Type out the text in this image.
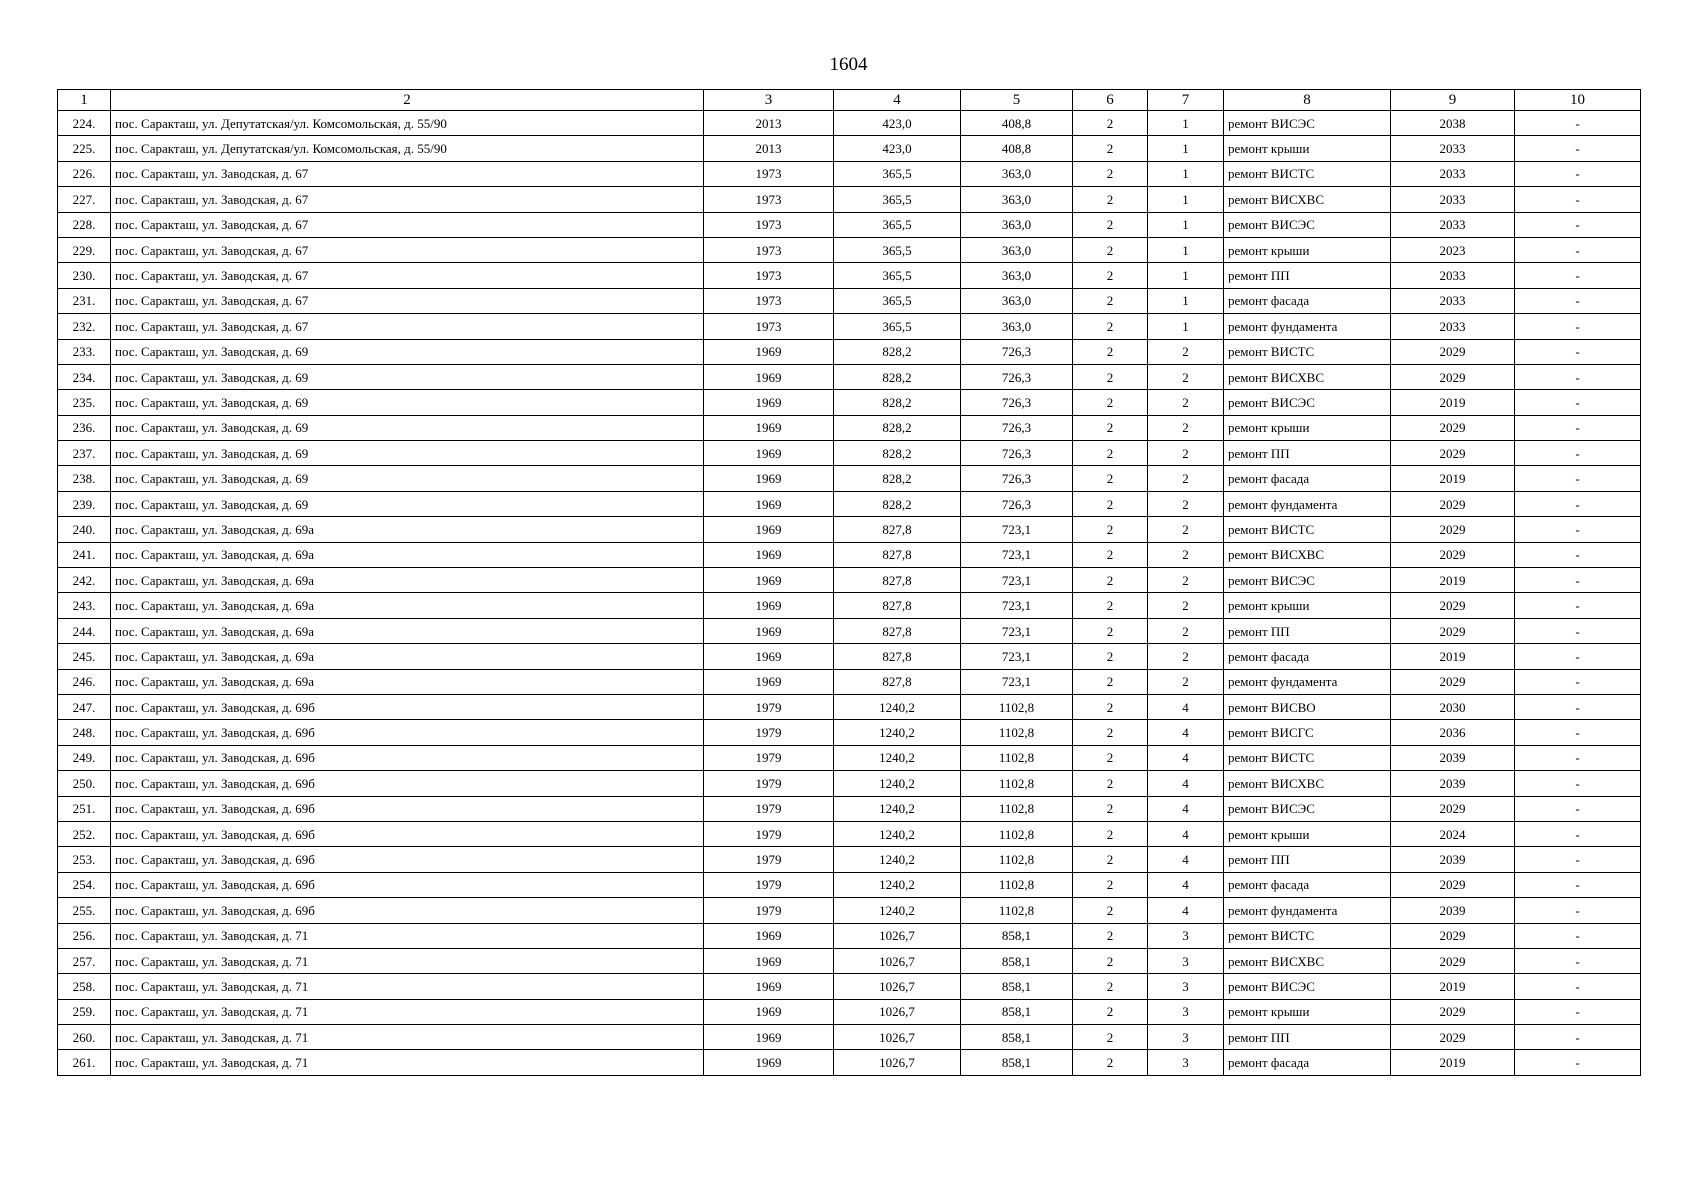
1604
1	2	3	4	5	6	7	8	9	10
224.	пос. Саракташ, ул. Депутатская/ул. Комсомольская, д. 55/90	2013	423,0	408,8	2	1	ремонт ВИСЭС	2038	-
225.	пос. Саракташ, ул. Депутатская/ул. Комсомольская, д. 55/90	2013	423,0	408,8	2	1	ремонт крыши	2033	-
226.	пос. Саракташ, ул. Заводская, д. 67	1973	365,5	363,0	2	1	ремонт ВИСТС	2033	-
227.	пос. Саракташ, ул. Заводская, д. 67	1973	365,5	363,0	2	1	ремонт ВИСХВС	2033	-
228.	пос. Саракташ, ул. Заводская, д. 67	1973	365,5	363,0	2	1	ремонт ВИСЭС	2033	-
229.	пос. Саракташ, ул. Заводская, д. 67	1973	365,5	363,0	2	1	ремонт крыши	2023	-
230.	пос. Саракташ, ул. Заводская, д. 67	1973	365,5	363,0	2	1	ремонт ПП	2033	-
231.	пос. Саракташ, ул. Заводская, д. 67	1973	365,5	363,0	2	1	ремонт фасада	2033	-
232.	пос. Саракташ, ул. Заводская, д. 67	1973	365,5	363,0	2	1	ремонт фундамента	2033	-
233.	пос. Саракташ, ул. Заводская, д. 69	1969	828,2	726,3	2	2	ремонт ВИСТС	2029	-
234.	пос. Саракташ, ул. Заводская, д. 69	1969	828,2	726,3	2	2	ремонт ВИСХВС	2029	-
235.	пос. Саракташ, ул. Заводская, д. 69	1969	828,2	726,3	2	2	ремонт ВИСЭС	2019	-
236.	пос. Саракташ, ул. Заводская, д. 69	1969	828,2	726,3	2	2	ремонт крыши	2029	-
237.	пос. Саракташ, ул. Заводская, д. 69	1969	828,2	726,3	2	2	ремонт ПП	2029	-
238.	пос. Саракташ, ул. Заводская, д. 69	1969	828,2	726,3	2	2	ремонт фасада	2019	-
239.	пос. Саракташ, ул. Заводская, д. 69	1969	828,2	726,3	2	2	ремонт фундамента	2029	-
240.	пос. Саракташ, ул. Заводская, д. 69а	1969	827,8	723,1	2	2	ремонт ВИСТС	2029	-
241.	пос. Саракташ, ул. Заводская, д. 69а	1969	827,8	723,1	2	2	ремонт ВИСХВС	2029	-
242.	пос. Саракташ, ул. Заводская, д. 69а	1969	827,8	723,1	2	2	ремонт ВИСЭС	2019	-
243.	пос. Саракташ, ул. Заводская, д. 69а	1969	827,8	723,1	2	2	ремонт крыши	2029	-
244.	пос. Саракташ, ул. Заводская, д. 69а	1969	827,8	723,1	2	2	ремонт ПП	2029	-
245.	пос. Саракташ, ул. Заводская, д. 69а	1969	827,8	723,1	2	2	ремонт фасада	2019	-
246.	пос. Саракташ, ул. Заводская, д. 69а	1969	827,8	723,1	2	2	ремонт фундамента	2029	-
247.	пос. Саракташ, ул. Заводская, д. 69б	1979	1240,2	1102,8	2	4	ремонт ВИСВО	2030	-
248.	пос. Саракташ, ул. Заводская, д. 69б	1979	1240,2	1102,8	2	4	ремонт ВИСГС	2036	-
249.	пос. Саракташ, ул. Заводская, д. 69б	1979	1240,2	1102,8	2	4	ремонт ВИСТС	2039	-
250.	пос. Саракташ, ул. Заводская, д. 69б	1979	1240,2	1102,8	2	4	ремонт ВИСХВС	2039	-
251.	пос. Саракташ, ул. Заводская, д. 69б	1979	1240,2	1102,8	2	4	ремонт ВИСЭС	2029	-
252.	пос. Саракташ, ул. Заводская, д. 69б	1979	1240,2	1102,8	2	4	ремонт крыши	2024	-
253.	пос. Саракташ, ул. Заводская, д. 69б	1979	1240,2	1102,8	2	4	ремонт ПП	2039	-
254.	пос. Саракташ, ул. Заводская, д. 69б	1979	1240,2	1102,8	2	4	ремонт фасада	2029	-
255.	пос. Саракташ, ул. Заводская, д. 69б	1979	1240,2	1102,8	2	4	ремонт фундамента	2039	-
256.	пос. Саракташ, ул. Заводская, д. 71	1969	1026,7	858,1	2	3	ремонт ВИСТС	2029	-
257.	пос. Саракташ, ул. Заводская, д. 71	1969	1026,7	858,1	2	3	ремонт ВИСХВС	2029	-
258.	пос. Саракташ, ул. Заводская, д. 71	1969	1026,7	858,1	2	3	ремонт ВИСЭС	2019	-
259.	пос. Саракташ, ул. Заводская, д. 71	1969	1026,7	858,1	2	3	ремонт крыши	2029	-
260.	пос. Саракташ, ул. Заводская, д. 71	1969	1026,7	858,1	2	3	ремонт ПП	2029	-
261.	пос. Саракташ, ул. Заводская, д. 71	1969	1026,7	858,1	2	3	ремонт фасада	2019	-
